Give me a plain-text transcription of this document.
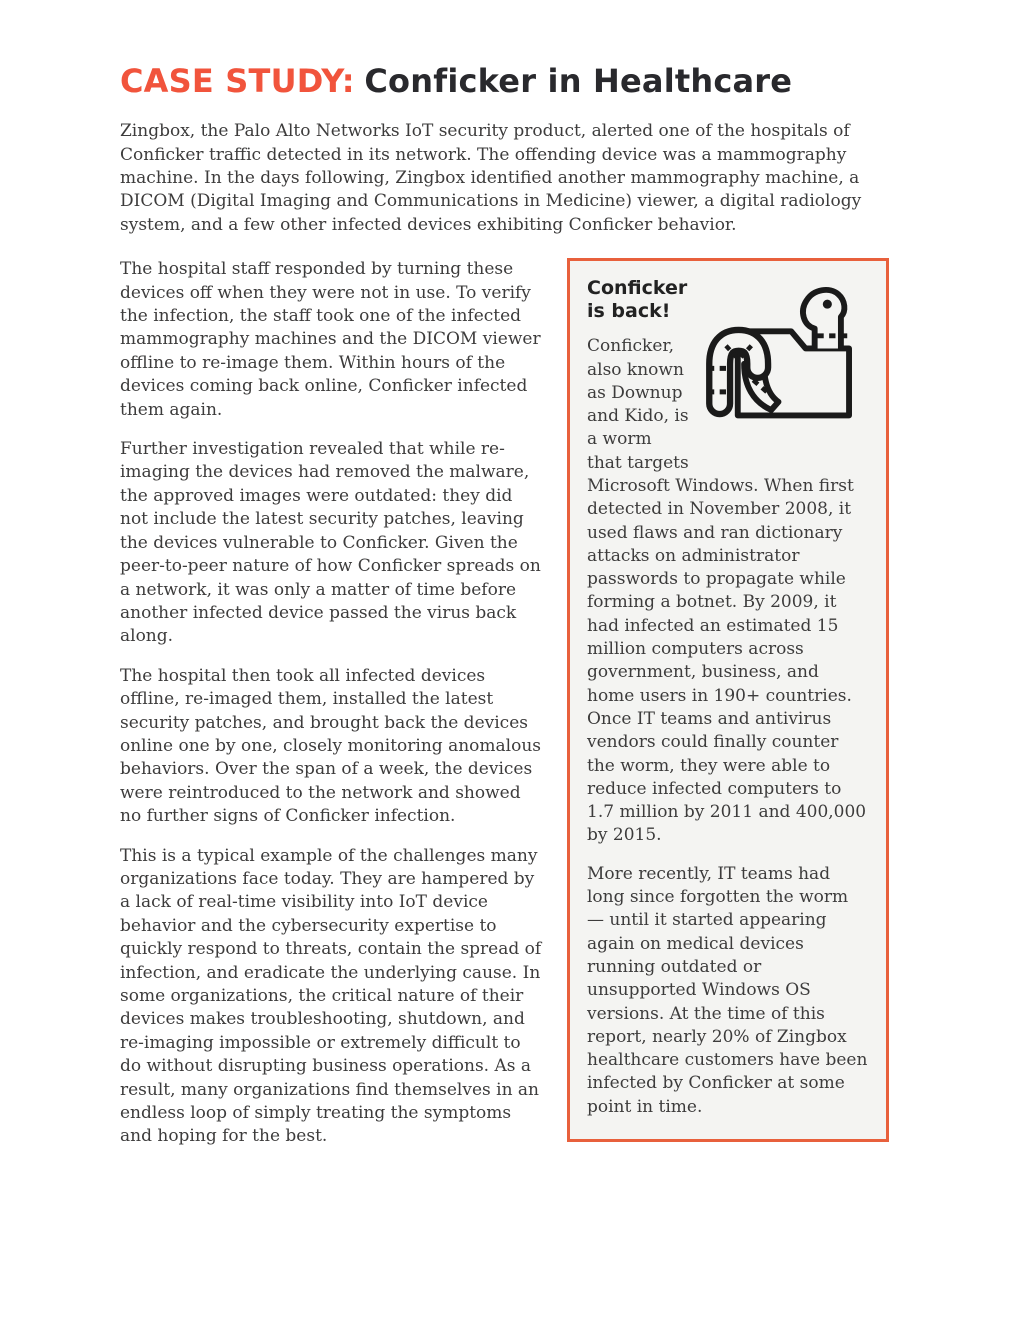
CASE STUDY: Conficker in Healthcare

Zingbox, the Palo Alto Networks IoT security product, alerted one of the hospitals of Conficker traffic detected in its network. The offending device was a mammography machine. In the days following, Zingbox identified another mammography machine, a DICOM (Digital Imaging and Communications in Medicine) viewer, a digital radiology system, and a few other infected devices exhibiting Conficker behavior.

The hospital staff responded by turning these devices off when they were not in use. To verify the infection, the staff took one of the infected mammography machines and the DICOM viewer offline to re-image them. Within hours of the devices coming back online, Conficker infected them again.

Further investigation revealed that while re-imaging the devices had removed the malware, the approved images were outdated: they did not include the latest security patches, leaving the devices vulnerable to Conficker. Given the peer-to-peer nature of how Conficker spreads on a network, it was only a matter of time before another infected device passed the virus back along.

The hospital then took all infected devices offline, re-imaged them, installed the latest security patches, and brought back the devices online one by one, closely monitoring anomalous behaviors. Over the span of a week, the devices were reintroduced to the network and showed no further signs of Conficker infection.

This is a typical example of the challenges many organizations face today. They are hampered by a lack of real-time visibility into IoT device behavior and the cybersecurity expertise to quickly respond to threats, contain the spread of infection, and eradicate the underlying cause. In some organizations, the critical nature of their devices makes troubleshooting, shutdown, and re-imaging impossible or extremely difficult to do without disrupting business operations. As a result, many organizations find themselves in an endless loop of simply treating the symptoms and hoping for the best.

Conficker is back!

Conficker, also known as Downup and Kido, is a worm that targets Microsoft Windows. When first detected in November 2008, it used flaws and ran dictionary attacks on administrator passwords to propagate while forming a botnet. By 2009, it had infected an estimated 15 million computers across government, business, and home users in 190+ countries. Once IT teams and antivirus vendors could finally counter the worm, they were able to reduce infected computers to 1.7 million by 2011 and 400,000 by 2015.

More recently, IT teams had long since forgotten the worm — until it started appearing again on medical devices running outdated or unsupported Windows OS versions. At the time of this report, nearly 20% of Zingbox healthcare customers have been infected by Conficker at some point in time.
